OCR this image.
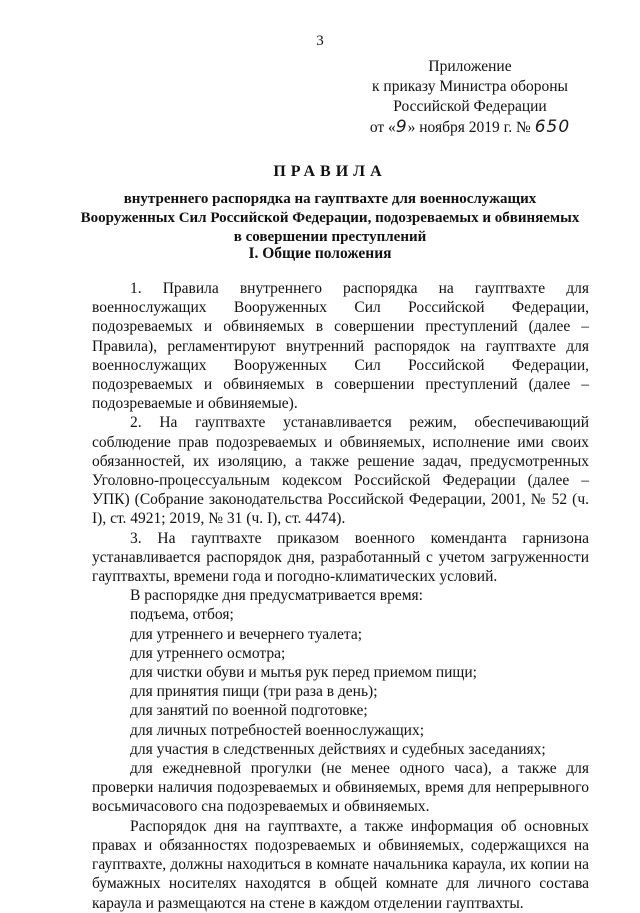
3
Приложение
к приказу Министра обороны
Российской Федерации
от «9» ноября 2019 г. № 650
ПРАВИЛА
внутреннего распорядка на гауптвахте для военнослужащих
Вооруженных Сил Российской Федерации, подозреваемых и обвиняемых
в совершении преступлений
I. Общие положения

1. Правила внутреннего распорядка на гауптвахте для военнослужащих Вооруженных Сил Российской Федерации, подозреваемых и обвиняемых в совершении преступлений (далее – Правила), регламентируют внутренний распорядок на гауптвахте для военнослужащих Вооруженных Сил Российской Федерации, подозреваемых и обвиняемых в совершении преступлений (далее – подозреваемые и обвиняемые).

2. На гауптвахте устанавливается режим, обеспечивающий соблюдение прав подозреваемых и обвиняемых, исполнение ими своих обязанностей, их изоляцию, а также решение задач, предусмотренных Уголовно-процессуальным кодексом Российской Федерации (далее – УПК) (Собрание законодательства Российской Федерации, 2001, № 52 (ч. I), ст. 4921; 2019, № 31 (ч. I), ст. 4474).

3. На гауптвахте приказом военного коменданта гарнизона устанавливается распорядок дня, разработанный с учетом загруженности гауптвахты, времени года и погодно-климатических условий.

В распорядке дня предусматривается время:

подъема, отбоя;

для утреннего и вечернего туалета;

для утреннего осмотра;

для чистки обуви и мытья рук перед приемом пищи;

для принятия пищи (три раза в день);

для занятий по военной подготовке;

для личных потребностей военнослужащих;

для участия в следственных действиях и судебных заседаниях;

для ежедневной прогулки (не менее одного часа), а также для проверки наличия подозреваемых и обвиняемых, время для непрерывного восьмичасового сна подозреваемых и обвиняемых.

Распорядок дня на гауптвахте, а также информация об основных правах и обязанностях подозреваемых и обвиняемых, содержащихся на гауптвахте, должны находиться в комнате начальника караула, их копии на бумажных носителях находятся в общей комнате для личного состава караула и размещаются на стене в каждом отделении гауптвахты.
